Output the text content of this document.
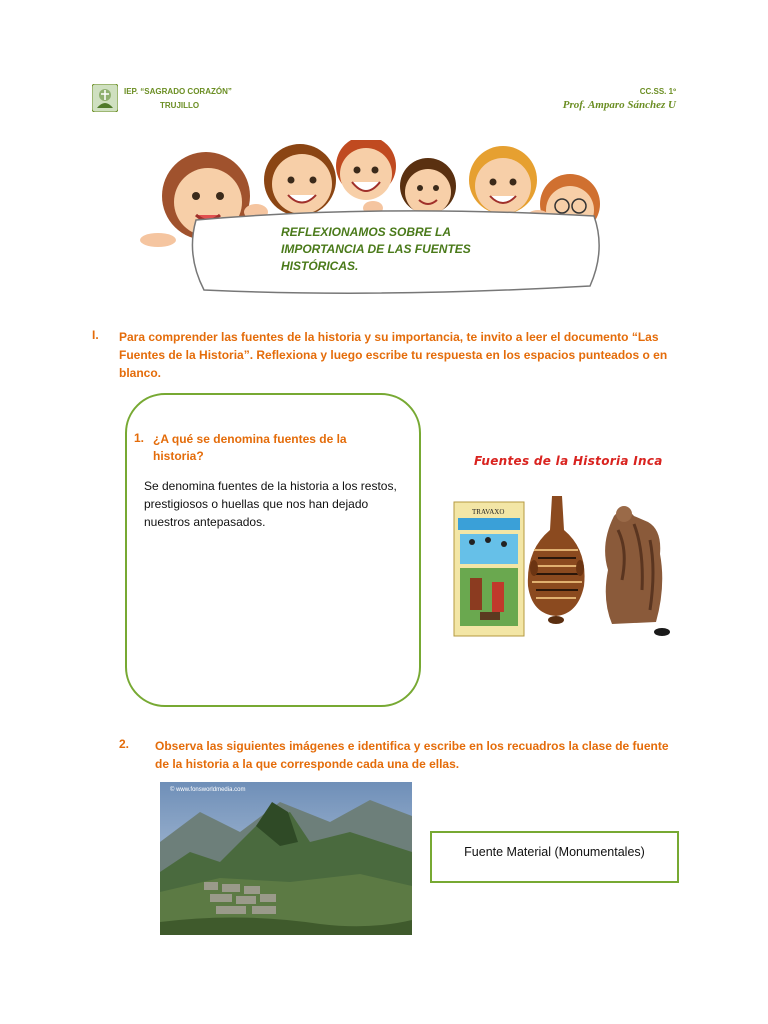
IEP. “SAGRADO CORAZÓN”
TRUJILLO
CC.SS. 1º
Prof. Amparo Sánchez U
REFLEXIONAMOS SOBRE LA IMPORTANCIA DE LAS FUENTES HISTÓRICAS.
I. Para comprender las fuentes de la historia y su importancia, te invito a leer el documento “Las Fuentes de la Historia”. Reflexiona y luego escribe tu respuesta en los espacios punteados o en blanco.
1. ¿A qué se denomina fuentes de la historia?
Se denomina fuentes de la historia a los restos, prestigiosos o huellas que nos han dejado nuestros antepasados.
Fuentes de la Historia Inca
TRAVAXO
2. Observa las siguientes imágenes e identifica y escribe en los recuadros la clase de fuente de la historia a la que corresponde cada una de ellas.
© www.fonsworldmedia.com
Fuente Material (Monumentales)
